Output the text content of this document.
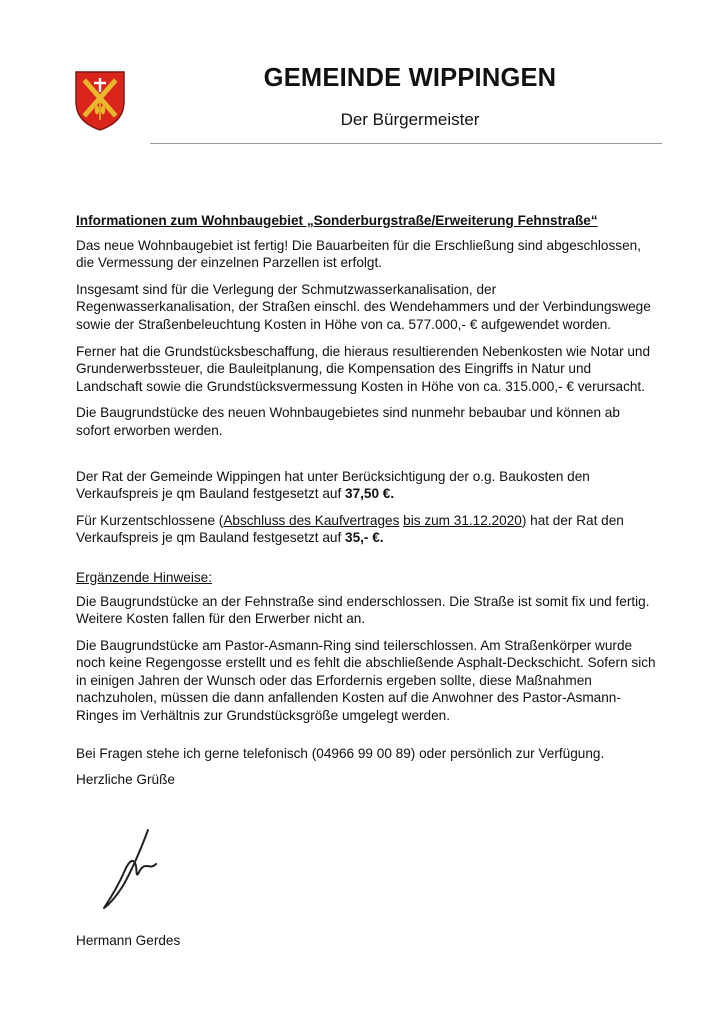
GEMEINDE WIPPINGEN
Der Bürgermeister

Informationen zum Wohnbaugebiet „Sonderburgstraße/Erweiterung Fehnstraße“

Das neue Wohnbaugebiet ist fertig! Die Bauarbeiten für die Erschließung sind abgeschlossen, die Vermessung der einzelnen Parzellen ist erfolgt.

Insgesamt sind für die Verlegung der Schmutzwasserkanalisation, der Regenwasserkanalisation, der Straßen einschl. des Wendehammers und der Verbindungswege sowie der Straßenbeleuchtung Kosten in Höhe von ca. 577.000,- € aufgewendet worden.

Ferner hat die Grundstücksbeschaffung, die hieraus resultierenden Nebenkosten wie Notar und Grunderwerbssteuer, die Bauleitplanung, die Kompensation des Eingriffs in Natur und Landschaft sowie die Grundstücksvermessung Kosten in Höhe von ca. 315.000,- € verursacht.

Die Baugrundstücke des neuen Wohnbaugebietes sind nunmehr bebaubar und können ab sofort erworben werden.

Der Rat der Gemeinde Wippingen hat unter Berücksichtigung der o.g. Baukosten den Verkaufspreis je qm Bauland festgesetzt auf 37,50 €.

Für Kurzentschlossene (Abschluss des Kaufvertrages bis zum 31.12.2020) hat der Rat den Verkaufspreis je qm Bauland festgesetzt auf 35,- €.

Ergänzende Hinweise:

Die Baugrundstücke an der Fehnstraße sind enderschlossen. Die Straße ist somit fix und fertig. Weitere Kosten fallen für den Erwerber nicht an.

Die Baugrundstücke am Pastor-Asmann-Ring sind teilerschlossen. Am Straßenkörper wurde noch keine Regengosse erstellt und es fehlt die abschließende Asphalt-Deckschicht. Sofern sich in einigen Jahren der Wunsch oder das Erfordernis ergeben sollte, diese Maßnahmen nachzuholen, müssen die dann anfallenden Kosten auf die Anwohner des Pastor-Asmann-Ringes im Verhältnis zur Grundstücksgröße umgelegt werden.

Bei Fragen stehe ich gerne telefonisch (04966 99 00 89) oder persönlich zur Verfügung.

Herzliche Grüße

Hermann Gerdes
